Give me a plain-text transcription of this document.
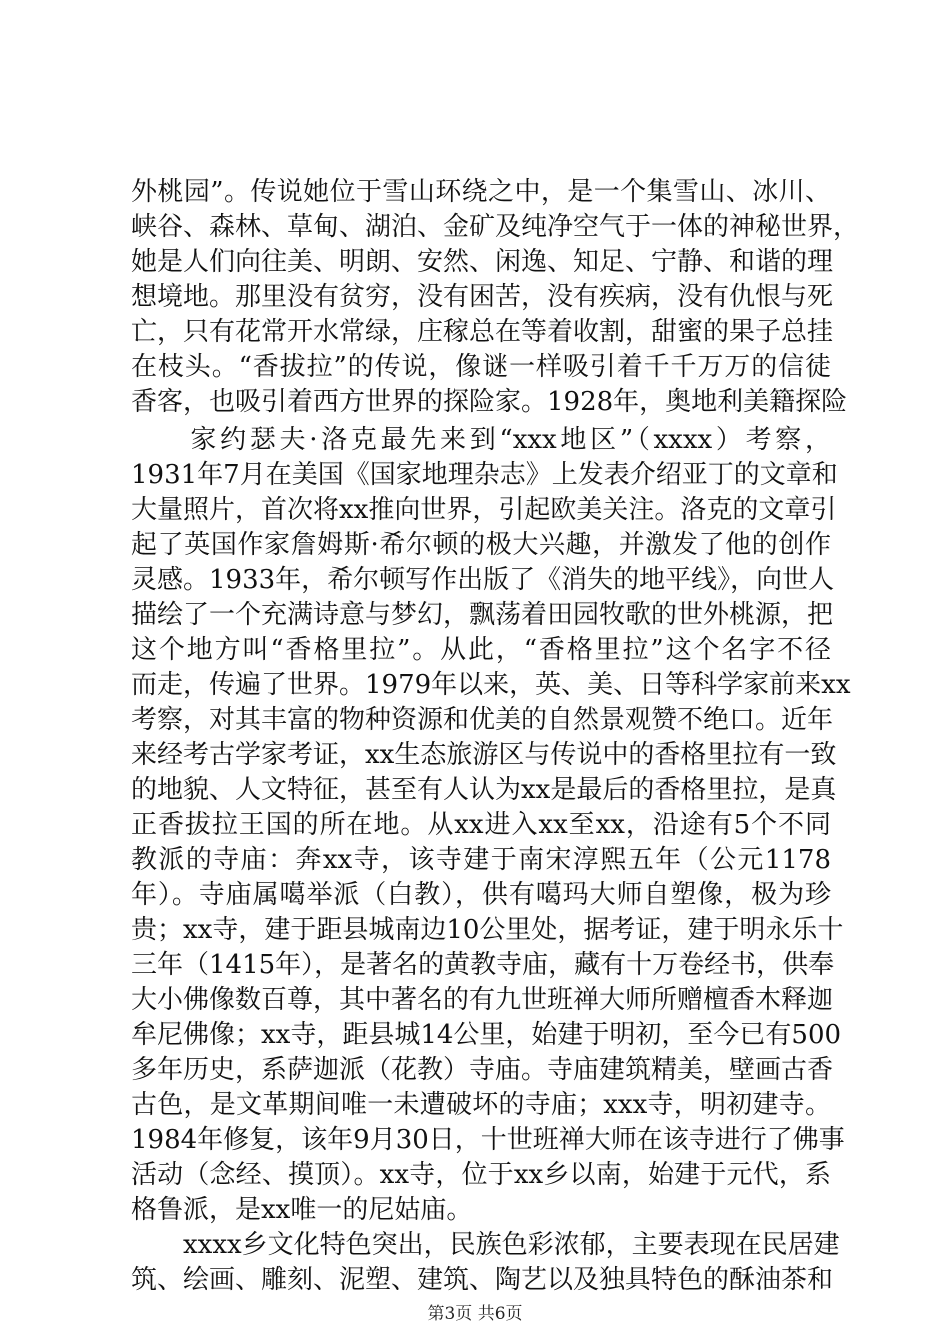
外桃园”。传说她位于雪山环绕之中，是一个集雪山、冰川、
峡谷、森林、草甸、湖泊、金矿及纯净空气于一体的神秘世界，
她是人们向往美、明朗、安然、闲逸、知足、宁静、和谐的理
想境地。那里没有贫穷，没有困苦，没有疾病，没有仇恨与死
亡，只有花常开水常绿，庄稼总在等着收割，甜蜜的果子总挂
在枝头。“香拔拉”的传说，像谜一样吸引着千千万万的信徒
香客，也吸引着西方世界的探险家。1928年，奥地利美籍探险
　　家约瑟夫·洛克最先来到“xxx地区”（xxxx）考察，
1931年7月在美国《国家地理杂志》上发表介绍亚丁的文章和
大量照片，首次将xx推向世界，引起欧美关注。洛克的文章引
起了英国作家詹姆斯·希尔顿的极大兴趣，并激发了他的创作
灵感。1933年，希尔顿写作出版了《消失的地平线》，向世人
描绘了一个充满诗意与梦幻，飘荡着田园牧歌的世外桃源，把
这个地方叫“香格里拉”。从此，“香格里拉”这个名字不径
而走，传遍了世界。1979年以来，英、美、日等科学家前来xx
考察，对其丰富的物种资源和优美的自然景观赞不绝口。近年
来经考古学家考证，xx生态旅游区与传说中的香格里拉有一致
的地貌、人文特征，甚至有人认为xx是最后的香格里拉，是真
正香拔拉王国的所在地。从xx进入xx至xx，沿途有5个不同
教派的寺庙：奔xx寺，该寺建于南宋淳熙五年（公元1178
年）。寺庙属噶举派（白教），供有噶玛大师自塑像，极为珍
贵；xx寺，建于距县城南边10公里处，据考证，建于明永乐十
三年（1415年），是著名的黄教寺庙，藏有十万卷经书，供奉
大小佛像数百尊，其中著名的有九世班禅大师所赠檀香木释迦
牟尼佛像；xx寺，距县城14公里，始建于明初，至今已有500
多年历史，系萨迦派（花教）寺庙。寺庙建筑精美，壁画古香
古色，是文革期间唯一未遭破坏的寺庙；xxx寺，明初建寺。
1984年修复，该年9月30日，十世班禅大师在该寺进行了佛事
活动（念经、摸顶）。xx寺，位于xx乡以南，始建于元代，系
格鲁派，是xx唯一的尼姑庙。
　　xxxx乡文化特色突出，民族色彩浓郁，主要表现在民居建
筑、绘画、雕刻、泥塑、建筑、陶艺以及独具特色的酥油茶和
第3页 共6页
